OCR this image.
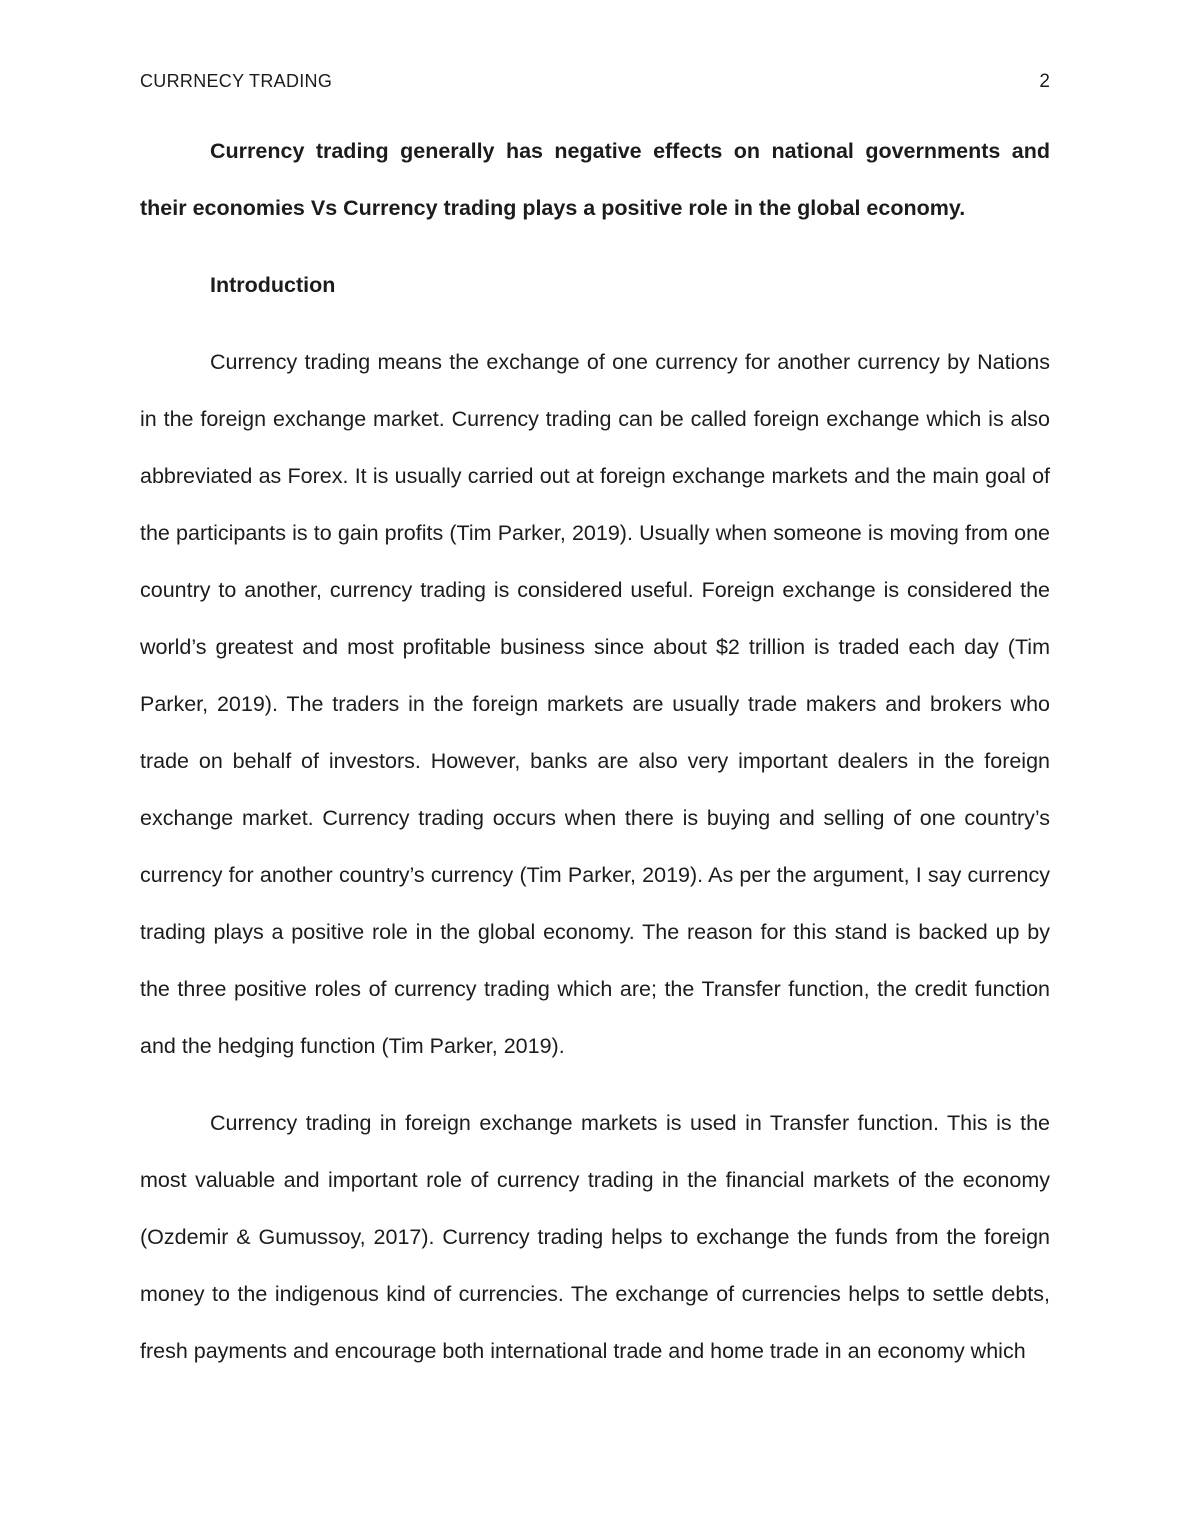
CURRNECY TRADING	2

Currency trading generally has negative effects on national governments and their economies Vs Currency trading plays a positive role in the global economy.

Introduction

Currency trading means the exchange of one currency for another currency by Nations in the foreign exchange market. Currency trading can be called foreign exchange which is also abbreviated as Forex. It is usually carried out at foreign exchange markets and the main goal of the participants is to gain profits (Tim Parker, 2019). Usually when someone is moving from one country to another, currency trading is considered useful. Foreign exchange is considered the world’s greatest and most profitable business since about $2 trillion is traded each day (Tim Parker, 2019). The traders in the foreign markets are usually trade makers and brokers who trade on behalf of investors. However, banks are also very important dealers in the foreign exchange market. Currency trading occurs when there is buying and selling of one country’s currency for another country’s currency (Tim Parker, 2019). As per the argument, I say currency trading plays a positive role in the global economy. The reason for this stand is backed up by the three positive roles of currency trading which are; the Transfer function, the credit function and the hedging function (Tim Parker, 2019).

Currency trading in foreign exchange markets is used in Transfer function. This is the most valuable and important role of currency trading in the financial markets of the economy (Ozdemir & Gumussoy, 2017). Currency trading helps to exchange the funds from the foreign money to the indigenous kind of currencies. The exchange of currencies helps to settle debts, fresh payments and encourage both international trade and home trade in an economy which
